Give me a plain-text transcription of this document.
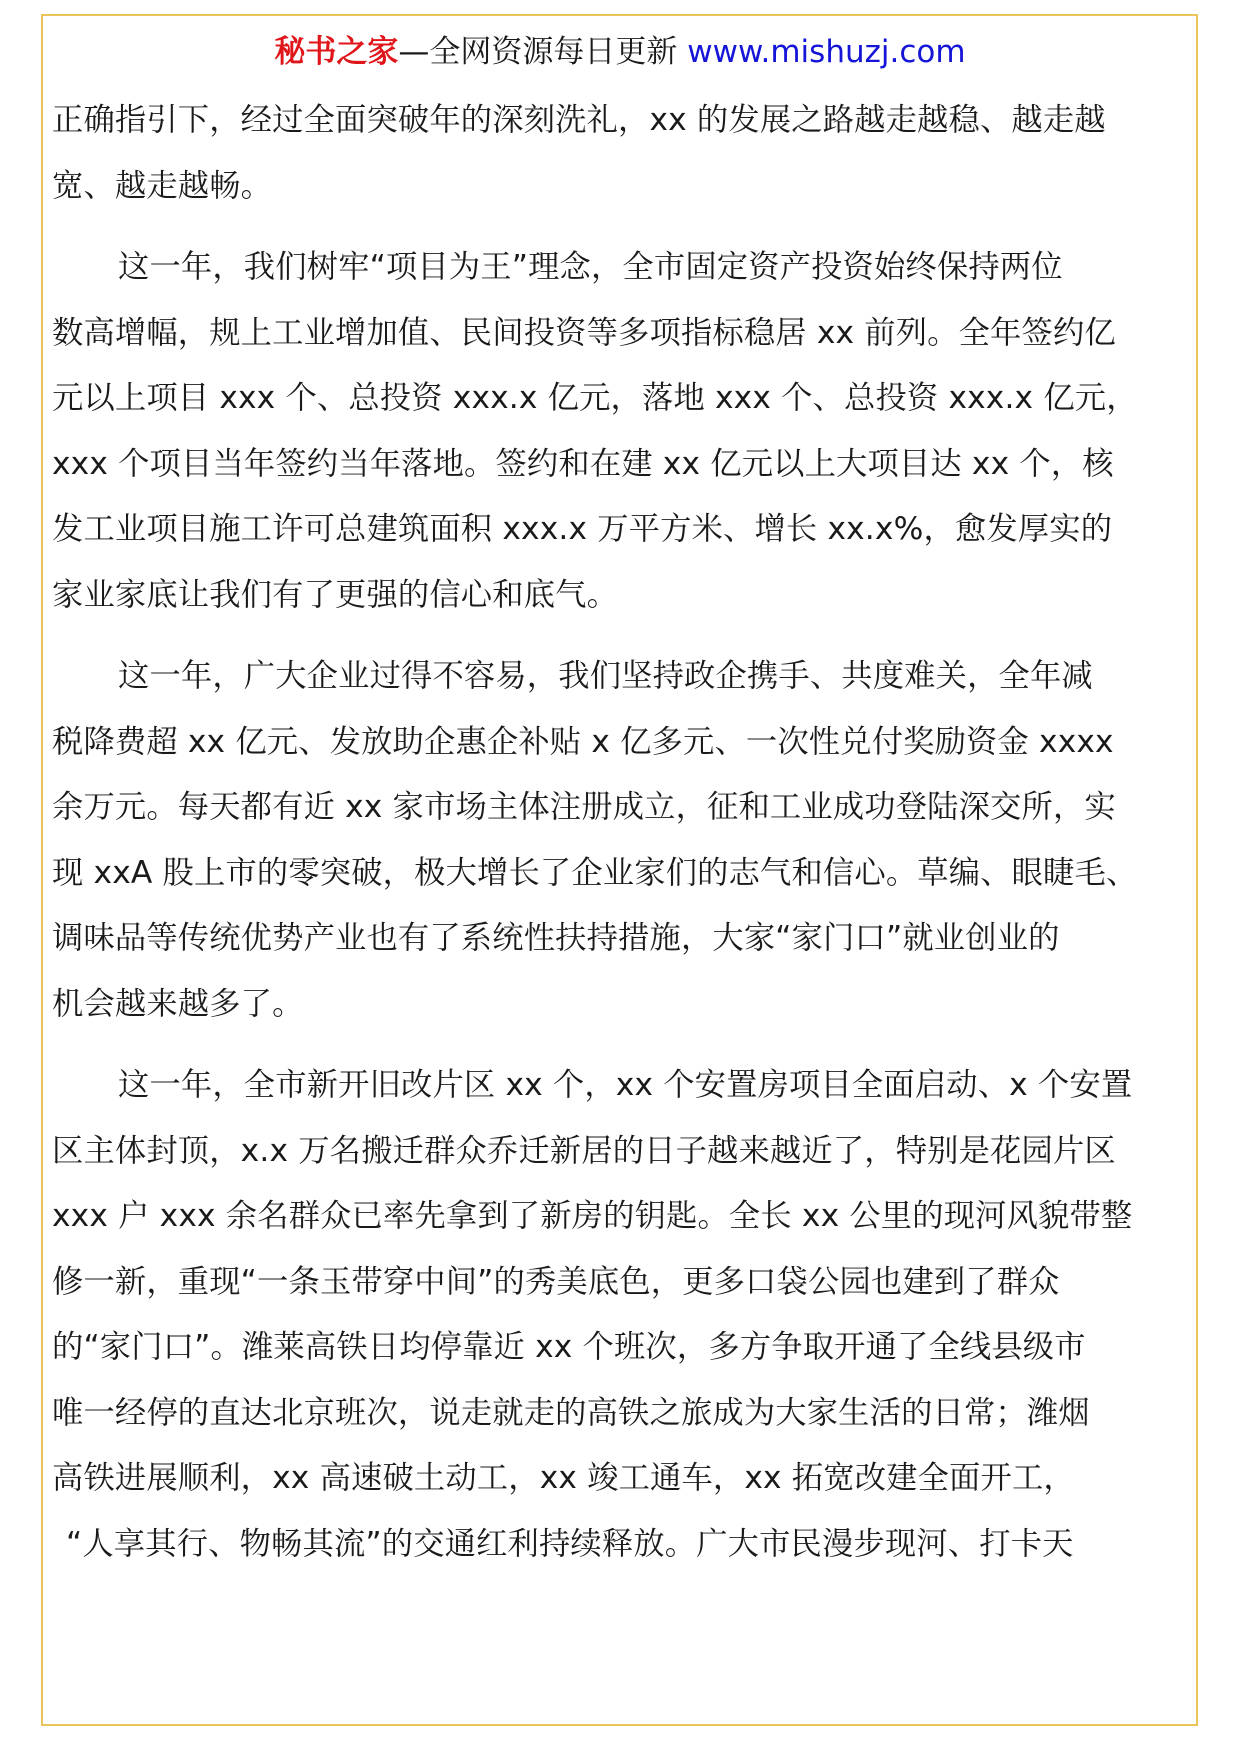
秘书之家—全网资源每日更新 www.mishuzj.com
正确指引下，经过全面突破年的深刻洗礼，xx 的发展之路越走越稳、越走越
宽、越走越畅。
这一年，我们树牢“项目为王”理念，全市固定资产投资始终保持两位
数高增幅，规上工业增加值、民间投资等多项指标稳居 xx 前列。全年签约亿
元以上项目 xxx 个、总投资 xxx.x 亿元，落地 xxx 个、总投资 xxx.x 亿元，
xxx 个项目当年签约当年落地。签约和在建 xx 亿元以上大项目达 xx 个，核
发工业项目施工许可总建筑面积 xxx.x 万平方米、增长 xx.x%，愈发厚实的
家业家底让我们有了更强的信心和底气。
这一年，广大企业过得不容易，我们坚持政企携手、共度难关，全年减
税降费超 xx 亿元、发放助企惠企补贴 x 亿多元、一次性兑付奖励资金 xxxx
余万元。每天都有近 xx 家市场主体注册成立，征和工业成功登陆深交所，实
现 xxA 股上市的零突破，极大增长了企业家们的志气和信心。草编、眼睫毛、
调味品等传统优势产业也有了系统性扶持措施，大家“家门口”就业创业的
机会越来越多了。
这一年，全市新开旧改片区 xx 个，xx 个安置房项目全面启动、x 个安置
区主体封顶，x.x 万名搬迁群众乔迁新居的日子越来越近了，特别是花园片区
xxx 户 xxx 余名群众已率先拿到了新房的钥匙。全长 xx 公里的现河风貌带整
修一新，重现“一条玉带穿中间”的秀美底色，更多口袋公园也建到了群众
的“家门口”。潍莱高铁日均停靠近 xx 个班次，多方争取开通了全线县级市
唯一经停的直达北京班次，说走就走的高铁之旅成为大家生活的日常；潍烟
高铁进展顺利，xx 高速破土动工，xx 竣工通车，xx 拓宽改建全面开工，
“人享其行、物畅其流”的交通红利持续释放。广大市民漫步现河、打卡天
